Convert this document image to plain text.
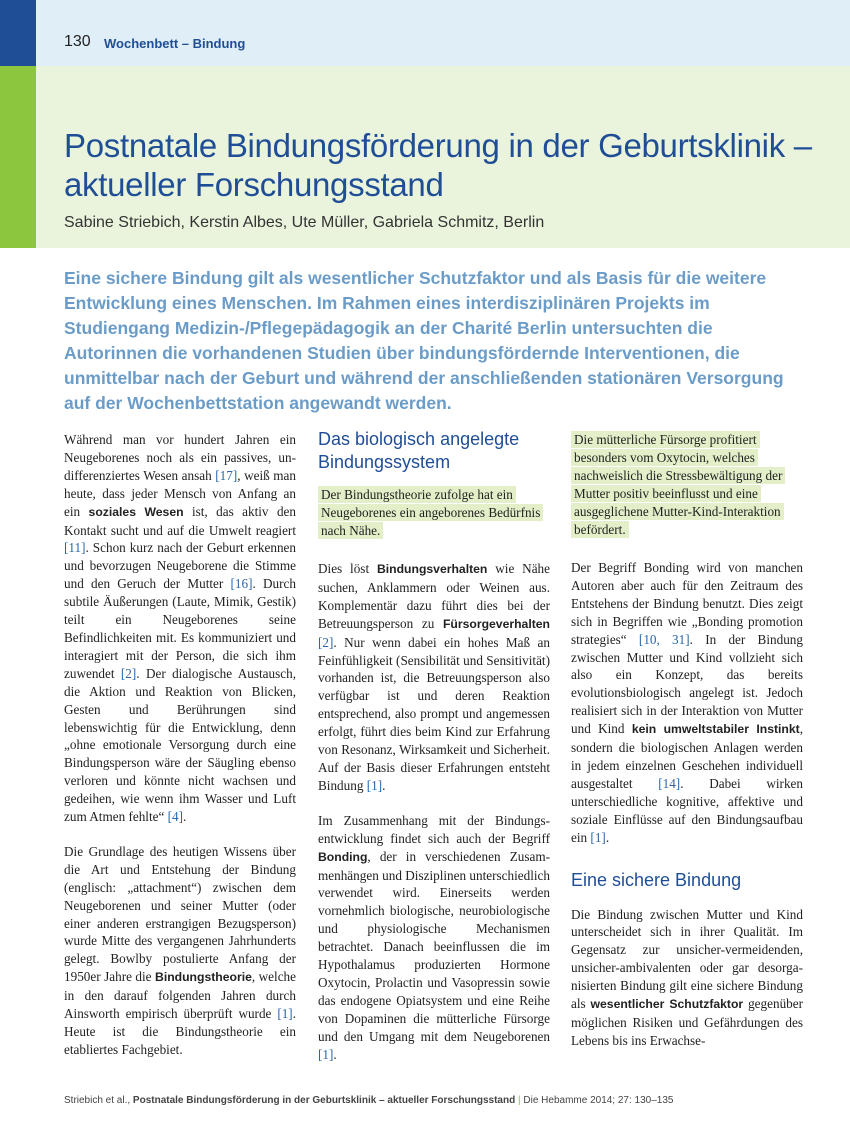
130 Wochenbett – Bindung
Postnatale Bindungsförderung in der Geburtsklinik – aktueller Forschungsstand
Sabine Striebich, Kerstin Albes, Ute Müller, Gabriela Schmitz, Berlin

Eine sichere Bindung gilt als wesentlicher Schutzfaktor und als Basis für die weitere Entwicklung eines Menschen. Im Rahmen eines interdisziplinären Projekts im Studiengang Medizin-/Pflegepädagogik an der Charité Berlin untersuchten die Autorinnen die vorhandenen Studien über bindungsfördernde Interventionen, die unmittelbar nach der Geburt und während der anschließenden stationären Versorgung auf der Wochenbettstation angewandt werden.

Während man vor hundert Jahren ein Neugeborenes noch als ein passives, undifferenziertes Wesen ansah [17], weiß man heute, dass jeder Mensch von Anfang an ein soziales Wesen ist, das aktiv den Kontakt sucht und auf die Umwelt reagiert [11]. Schon kurz nach der Geburt erkennen und bevorzugen Neugeborene die Stimme und den Geruch der Mutter [16]. Durch subtile Äußerungen (Laute, Mimik, Gestik) teilt ein Neugeborenes seine Befindlichkeiten mit. Es kommuniziert und interagiert mit der Person, die sich ihm zuwendet [2]. Der dialogische Austausch, die Aktion und Reaktion von Blicken, Gesten und Berührungen sind lebenswichtig für die Entwicklung, denn „ohne emotionale Versorgung durch eine Bindungsperson wäre der Säugling ebenso verloren und könnte nicht wachsen und gedeihen, wie wenn ihm Wasser und Luft zum Atmen fehlte“ [4].

Die Grundlage des heutigen Wissens über die Art und Entstehung der Bindung (englisch: „attachment“) zwischen dem Neugeborenen und seiner Mutter (oder einer anderen erstrangigen Bezugsperson) wurde Mitte des vergangenen Jahrhunderts gelegt. Bowlby postulierte Anfang der 1950er Jahre die Bindungstheorie, welche in den darauf folgenden Jahren durch Ainsworth empirisch überprüft wurde [1]. Heute ist die Bindungstheorie ein etabliertes Fachgebiet.

Das biologisch angelegte Bindungssystem
Der Bindungstheorie zufolge hat ein Neugeborenes ein angeborenes Bedürfnis nach Nähe.

Dies löst Bindungsverhalten wie Nähe suchen, Anklammern oder Weinen aus. Komplementär dazu führt dies bei der Betreuungsperson zu Fürsorgeverhalten [2]. Nur wenn dabei ein hohes Maß an Feinfühligkeit (Sensibilität und Sensitivität) vorhanden ist, die Betreuungsperson also verfügbar ist und deren Reaktion entsprechend, also prompt und angemessen erfolgt, führt dies beim Kind zur Erfahrung von Resonanz, Wirksamkeit und Sicherheit. Auf der Basis dieser Erfahrungen entsteht Bindung [1].

Im Zusammenhang mit der Bindungsentwicklung findet sich auch der Begriff Bonding, der in verschiedenen Zusammenhängen und Disziplinen unterschiedlich verwendet wird. Einerseits werden vornehmlich biologische, neurobiologische und physiologische Mechanismen betrachtet. Danach beeinflussen die im Hypothalamus produzierten Hormone Oxytocin, Prolactin und Vasopressin sowie das endogene Opiatsystem und eine Reihe von Dopaminen die mütterliche Fürsorge und den Umgang mit dem Neugeborenen [1].

Die mütterliche Fürsorge profitiert besonders vom Oxytocin, welches nachweislich die Stressbewältigung der Mutter positiv beeinflusst und eine ausgeglichene Mutter-Kind-Interaktion befördert.

Der Begriff Bonding wird von manchen Autoren aber auch für den Zeitraum des Entstehens der Bindung benutzt. Dies zeigt sich in Begriffen wie „Bonding promotion strategies“ [10, 31]. In der Bindung zwischen Mutter und Kind vollzieht sich also ein Konzept, das bereits evolutionsbiologisch angelegt ist. Jedoch realisiert sich in der Interaktion von Mutter und Kind kein umweltstabiler Instinkt, sondern die biologischen Anlagen werden in jedem einzelnen Geschehen individuell ausgestaltet [14]. Dabei wirken unterschiedliche kognitive, affektive und soziale Einflüsse auf den Bindungsaufbau ein [1].

Eine sichere Bindung

Die Bindung zwischen Mutter und Kind unterscheidet sich in ihrer Qualität. Im Gegensatz zur unsicher-vermeidenden, unsicher-ambivalenten oder gar desorganisierten Bindung gilt eine sichere Bindung als wesentlicher Schutzfaktor gegenüber möglichen Risiken und Gefährdungen des Lebens bis ins Erwachse-

Striebich et al., Postnatale Bindungsförderung in der Geburtsklinik – aktueller Forschungsstand | Die Hebamme 2014; 27: 130–135
